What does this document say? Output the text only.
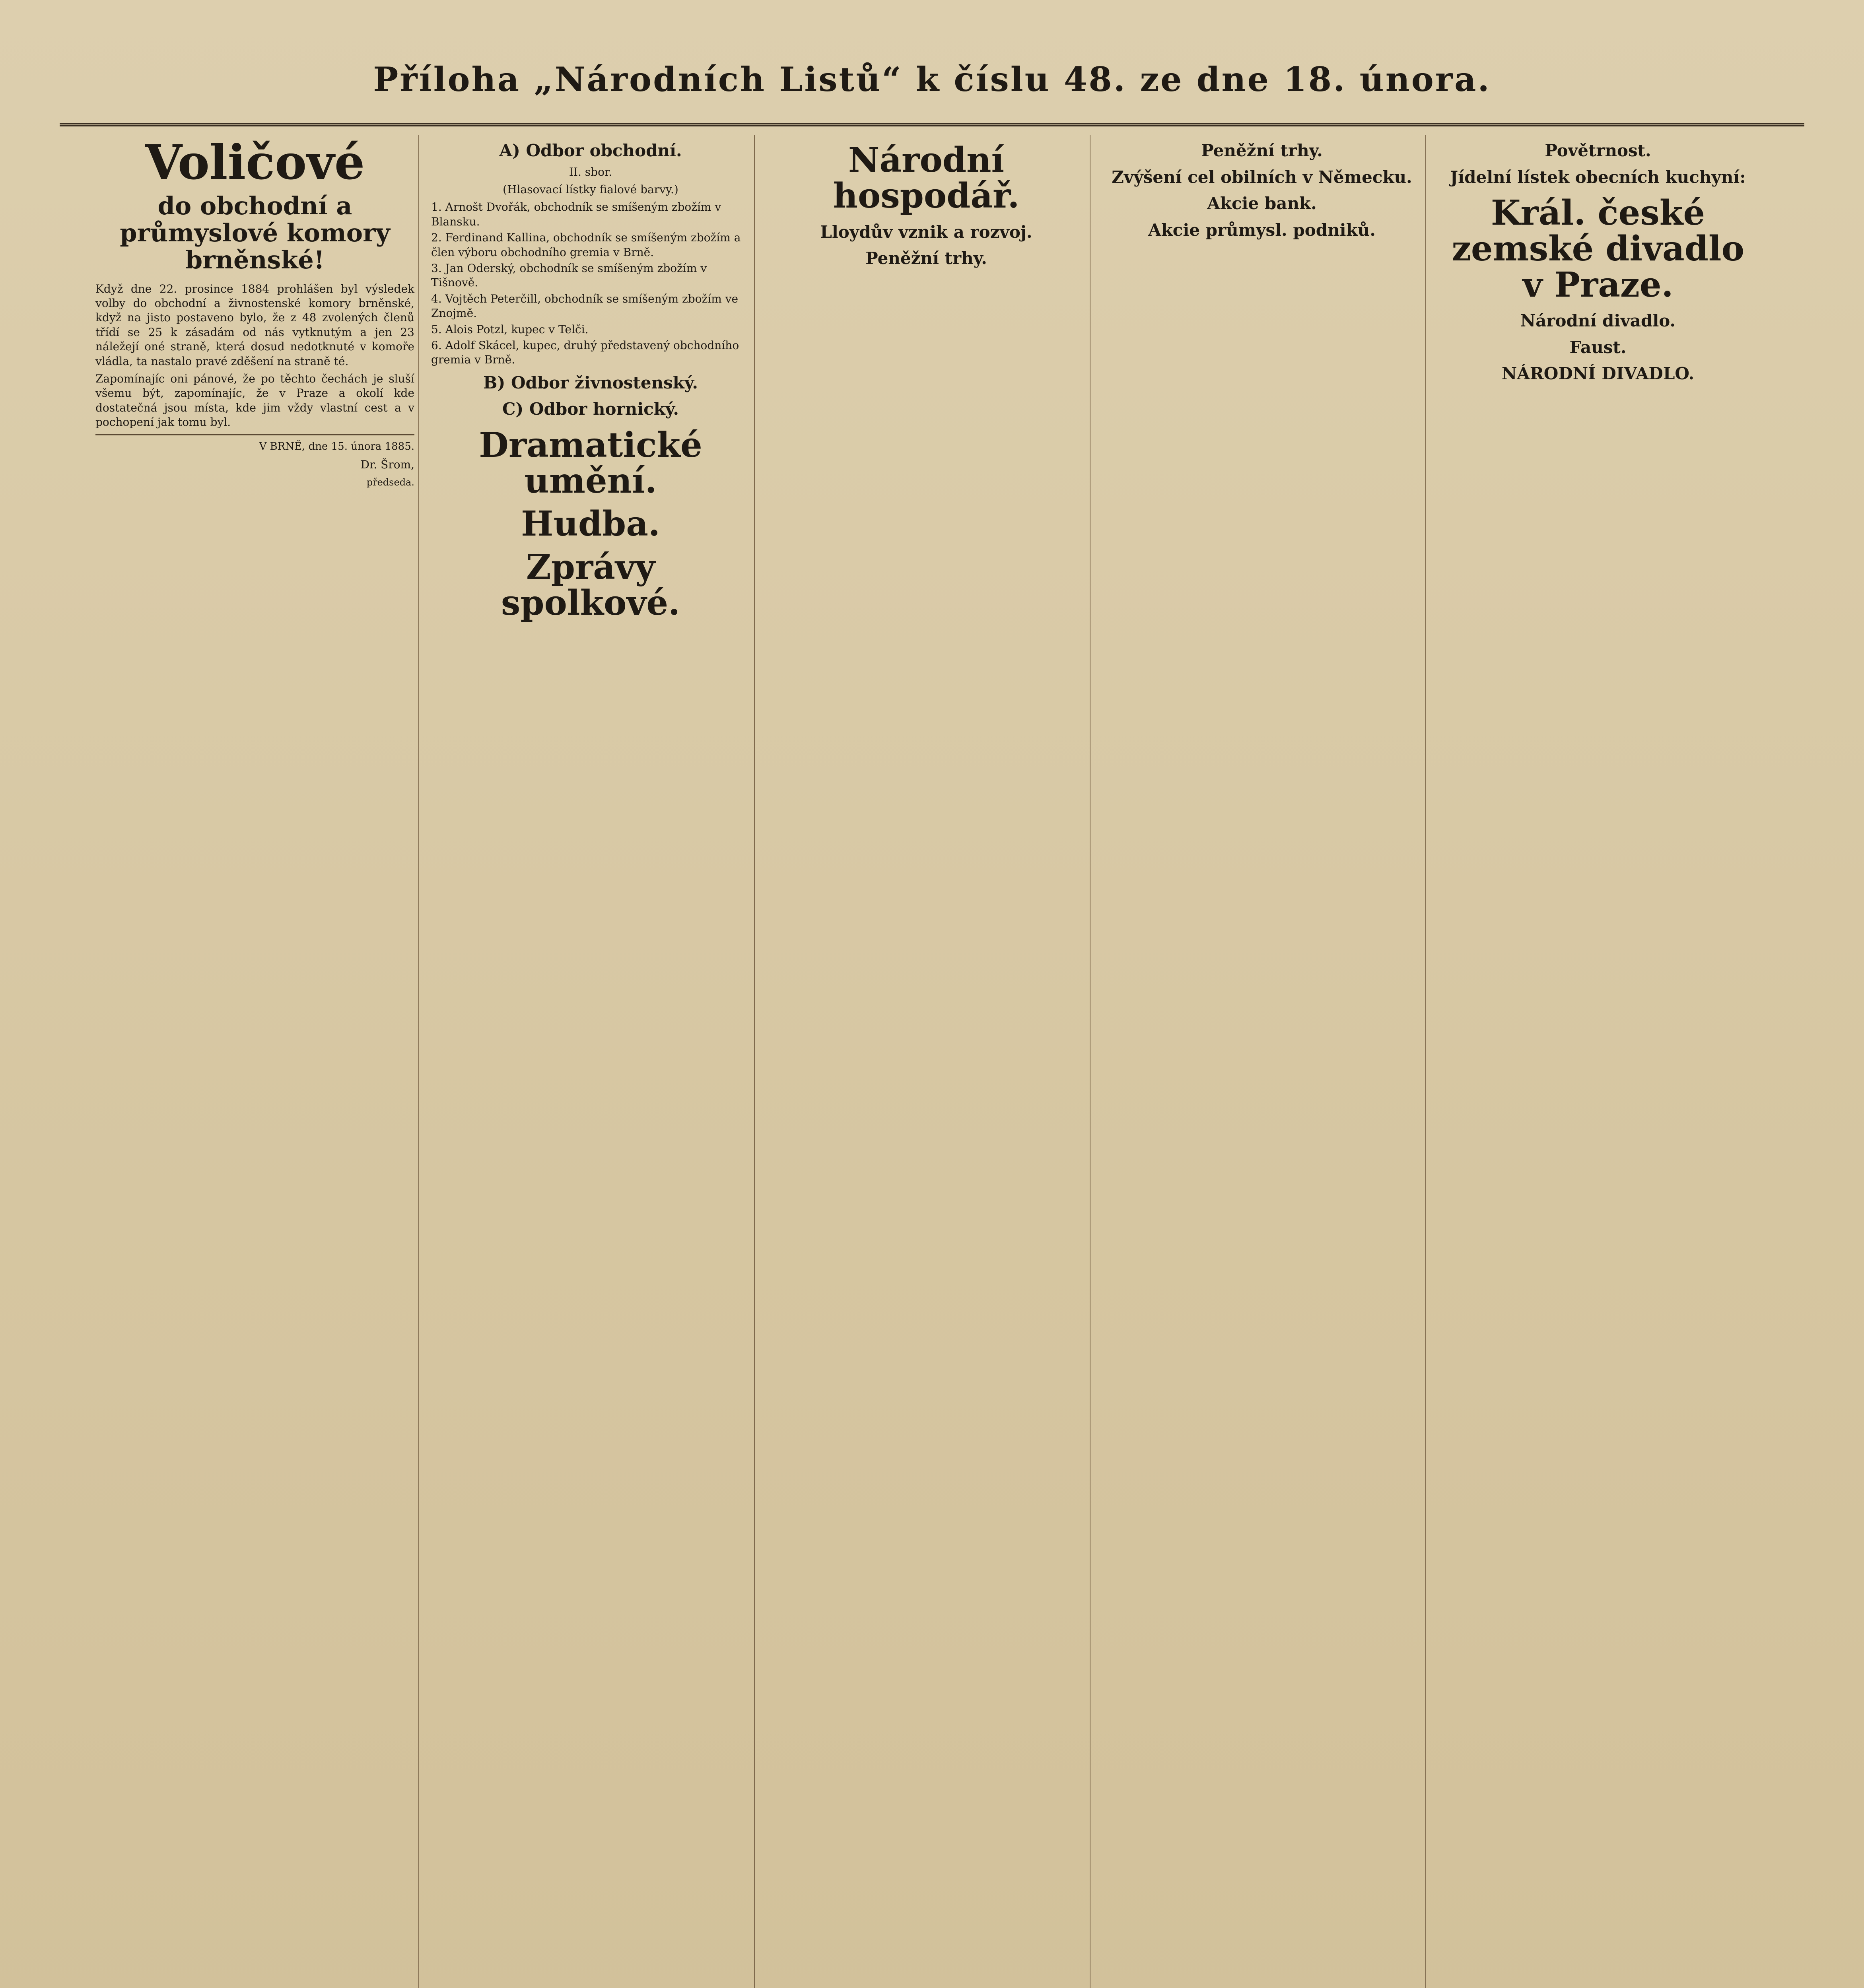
Příloha „Národních Listů“ k číslu 48. ze dne 18. února.
Voličové
do obchodní a průmyslové komory brněnské!

Když dne 22. prosince 1884 prohlášen byl výsledek volby do obchodní a živnostenské komory brněnské, když na jisto postaveno bylo, že z 48 zvolených členů třídí se 25 k zásadám od nás vytknutým a jen 23 náležejí oné straně, která dosud nedotknuté v komoře vládla, ta nastalo pravé zděšení na straně té.

Zapomínajíc oni pánové, že po těchto čechách je sluší všemu být, zapomínajíc, že v Praze a okolí kde dostatečná jsou místa, kde jim vždy vlastní cest a v pochopení jak tomu byl.

V BRNĚ, dne 15. února 1885.
Dr. Šrom,
předseda.
A) Odbor obchodní.
II. sbor.
(Hlasovací lístky fialové barvy.)
1. Arnošt Dvořák, obchodník se smíšeným zbožím v Blansku.
2. Ferdinand Kallina, obchodník se smíšeným zbožím a člen výboru obchodního gremia v Brně.
3. Jan Oderský, obchodník se smíšeným zbožím v Tišnově.
4. Vojtěch Peterčill, obchodník se smíšeným zbožím ve Znojmě.
5. Alois Potzl, kupec v Telči.
6. Adolf Skácel, kupec, druhý představený obchodního gremia v Brně.
B) Odbor živnostenský.
C) Odbor hornický.
Dramatické umění.
Hudba.
Zprávy spolkové.
Národní hospodář.
Lloydův vznik a rozvoj.
Peněžní trhy.
Peněžní trhy.
Zvýšení cel obilních v Německu.
Akcie bank.
Akcie průmysl. podniků.
Povětrnost.
Jídelní lístek obecních kuchyní:
Král. české zemské divadlo v Praze.
Národní divadlo.
Faust.
NÁRODNÍ DIVADLO.
